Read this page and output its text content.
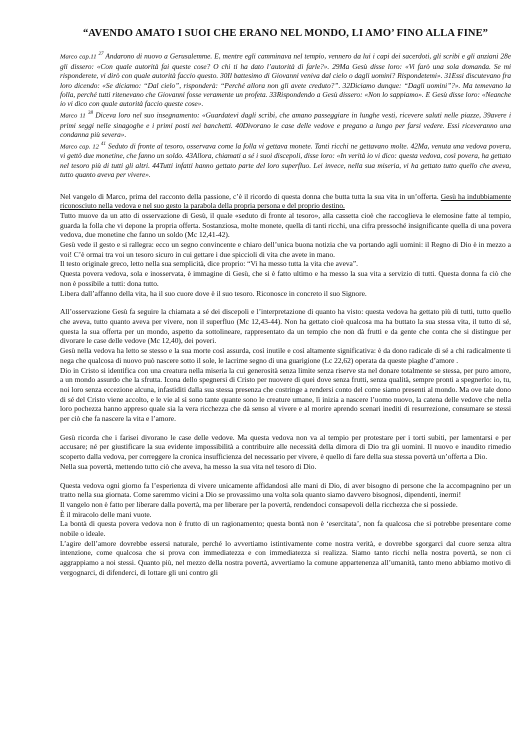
“AVENDO AMATO I SUOI CHE ERANO NEL MONDO, LI AMO’ FINO ALLA FINE”

Marco cap.11 $^{27}$ Andarono di nuovo a Gerusalemme. E, mentre egli camminava nel tempio, vennero da lui i capi dei sacerdoti, gli scribi e gli anziani 28e gli dissero: «Con quale autorità fai queste cose? O chi ti ha dato l’autorità di farle?». 29Ma Gesù disse loro: «Vi farò una sola domanda. Se mi risponderete, vi dirò con quale autorità faccio questo. 30Il battesimo di Giovanni veniva dal cielo o dagli uomini? Rispondetemi». 31Essi discutevano fra loro dicendo: «Se diciamo: “Dal cielo”, risponderà: “Perché allora non gli avete creduto?”. 32Diciamo dunque: “Dagli uomini”?». Ma temevano la folla, perché tutti ritenevano che Giovanni fosse veramente un profeta. 33Rispondendo a Gesù dissero: «Non lo sappiamo». E Gesù disse loro: «Neanche io vi dico con quale autorità faccio queste cose».

Marco 11 $^{38}$ Diceva loro nel suo insegnamento: «Guardatevi dagli scribi, che amano passeggiare in lunghe vesti, ricevere saluti nelle piazze, 39avere i primi seggi nelle sinagoghe e i primi posti nei banchetti. 40Divorano le case delle vedove e pregano a lungo per farsi vedere. Essi riceveranno una condanna più severa».

Marco cap. 12 $^{41}$ Seduto di fronte al tesoro, osservava come la folla vi gettava monete. Tanti ricchi ne gettavano molte. 42Ma, venuta una vedova povera, vi gettò due monetine, che fanno un soldo. 43Allora, chiamati a sé i suoi discepoli, disse loro: «In verità io vi dico: questa vedova, così povera, ha gettato nel tesoro più di tutti gli altri. 44Tutti infatti hanno gettato parte del loro superfluo. Lei invece, nella sua miseria, vi ha gettato tutto quello che aveva, tutto quanto aveva per vivere».

Nel vangelo di Marco, prima del racconto della passione, c’è il ricordo di questa donna che butta tutta la sua vita in un’offerta. Gesù ha indubbiamente riconosciuto nella vedova e nel suo gesto la parabola della propria persona e del proprio destino.

Tutto muove da un atto di osservazione di Gesù, il quale «seduto di fronte al tesoro», alla cassetta cioè che raccoglieva le elemosine fatte al tempio, guarda la folla che vi depone la propria offerta. Sostanziosa, molte monete, quella di tanti ricchi, una cifra pressoché insignificante quella di una povera vedova, due monetine che fanno un soldo (Mc 12,41-42).

Gesù vede il gesto e si rallegra: ecco un segno convincente e chiaro dell’unica buona notizia che va portando agli uomini: il Regno di Dio è in mezzo a voi! C’è ormai tra voi un tesoro sicuro in cui gettare i due spiccioli di vita che avete in mano.

Il testo originale greco, letto nella sua semplicità, dice proprio: “Vi ha messo tutta la vita che aveva”.

Questa povera vedova, sola e inosservata, è immagine di Gesù, che si è fatto ultimo e ha messo la sua vita a servizio di tutti. Questa donna fa ciò che non è possibile a tutti: dona tutto.

Libera dall’affanno della vita, ha il suo cuore dove è il suo tesoro. Riconosce in concreto il suo Signore.

All’osservazione Gesù fa seguire la chiamata a sé dei discepoli e l’interpretazione di quanto ha visto: questa vedova ha gettato più di tutti, tutto quello che aveva, tutto quanto aveva per vivere, non il superfluo (Mc 12,43-44). Non ha gettato cioè qualcosa ma ha buttato la sua stessa vita, il tutto di sé, questa la sua offerta per un mondo, aspetto da sottolineare, rappresentato da un tempio che non dà frutti e da gente che conta che si distingue per divorare le case delle vedove (Mc 12,40), dei poveri.

Gesù nella vedova ha letto se stesso e la sua morte così assurda, così inutile e così altamente significativa: è da dono radicale di sé a chi radicalmente ti nega che qualcosa di nuovo può nascere sotto il sole, le lacrime segno di una guarigione (Lc 22,62) operata da queste piaghe d’amore .

Dio in Cristo si identifica con una creatura nella miseria la cui generosità senza limite senza riserve sta nel donare totalmente se stessa, per puro amore, a un mondo assurdo che la sfrutta. Icona dello spegnersi di Cristo per nuovere di quei dove senza frutti, senza qualità, sempre pronti a spegnerlo: io, tu, noi loro senza eccezione alcuna, infastiditi dalla sua stessa presenza che costringe a rendersi conto del come siamo presenti al mondo. Ma ove tale dono di sé del Cristo viene accolto, e le vie al sì sono tante quante sono le creature umane, lì inizia a nascere l’uomo nuovo, la catena delle vedove che nella loro pochezza hanno appreso quale sia la vera ricchezza che dà senso al vivere e al morire aprendo scenari inediti di resurrezione, consumare se stessi per ciò che fa nascere la vita e l’amore.

Gesù ricorda che i farisei divorano le case delle vedove. Ma questa vedova non va al tempio per protestare per i torti subiti, per lamentarsi e per accusare; né per giustificare la sua evidente impossibilità a contribuire alle necessità della dimora di Dio tra gli uomini. Il nuovo e inaudito rimedio scoperto dalla vedova, per correggere la cronica insufficienza del necessario per vivere, è quello di fare della sua stessa povertà un’offerta a Dio.

Nella sua povertà, mettendo tutto ciò che aveva, ha messo la sua vita nel tesoro di Dio.

Questa vedova ogni giorno fa l’esperienza di vivere unicamente affidandosi alle mani di Dio, di aver bisogno di persone che la accompagnino per un tratto nella sua giornata. Come saremmo vicini a Dio se provassimo una volta sola quanto siamo davvero bisognosi, dipendenti, inermi!

Il vangelo non è fatto per liberare dalla povertà, ma per liberare per la povertà, rendendoci consapevoli della ricchezza che si possiede.

È il miracolo delle mani vuote.

La bontà di questa povera vedova non è frutto di un ragionamento; questa bontà non è ‘esercitata’, non fa qualcosa che si potrebbe presentare come nobile o ideale.

L’agire dell’amore dovrebbe essersi naturale, perché lo avvertiamo istintivamente come nostra verità, e dovrebbe sgorgarci dal cuore senza altra intenzione, come qualcosa che si prova con immediatezza e con immediatezza si realizza. Siamo tanto ricchi nella nostra povertà, se non ci aggrappiamo a noi stessi. Quanto più, nel mezzo della nostra povertà, avvertiamo la comune appartenenza all’umanità, tanto meno abbiamo motivo di vergognarci, di difenderci, di lottare gli uni contro gli
